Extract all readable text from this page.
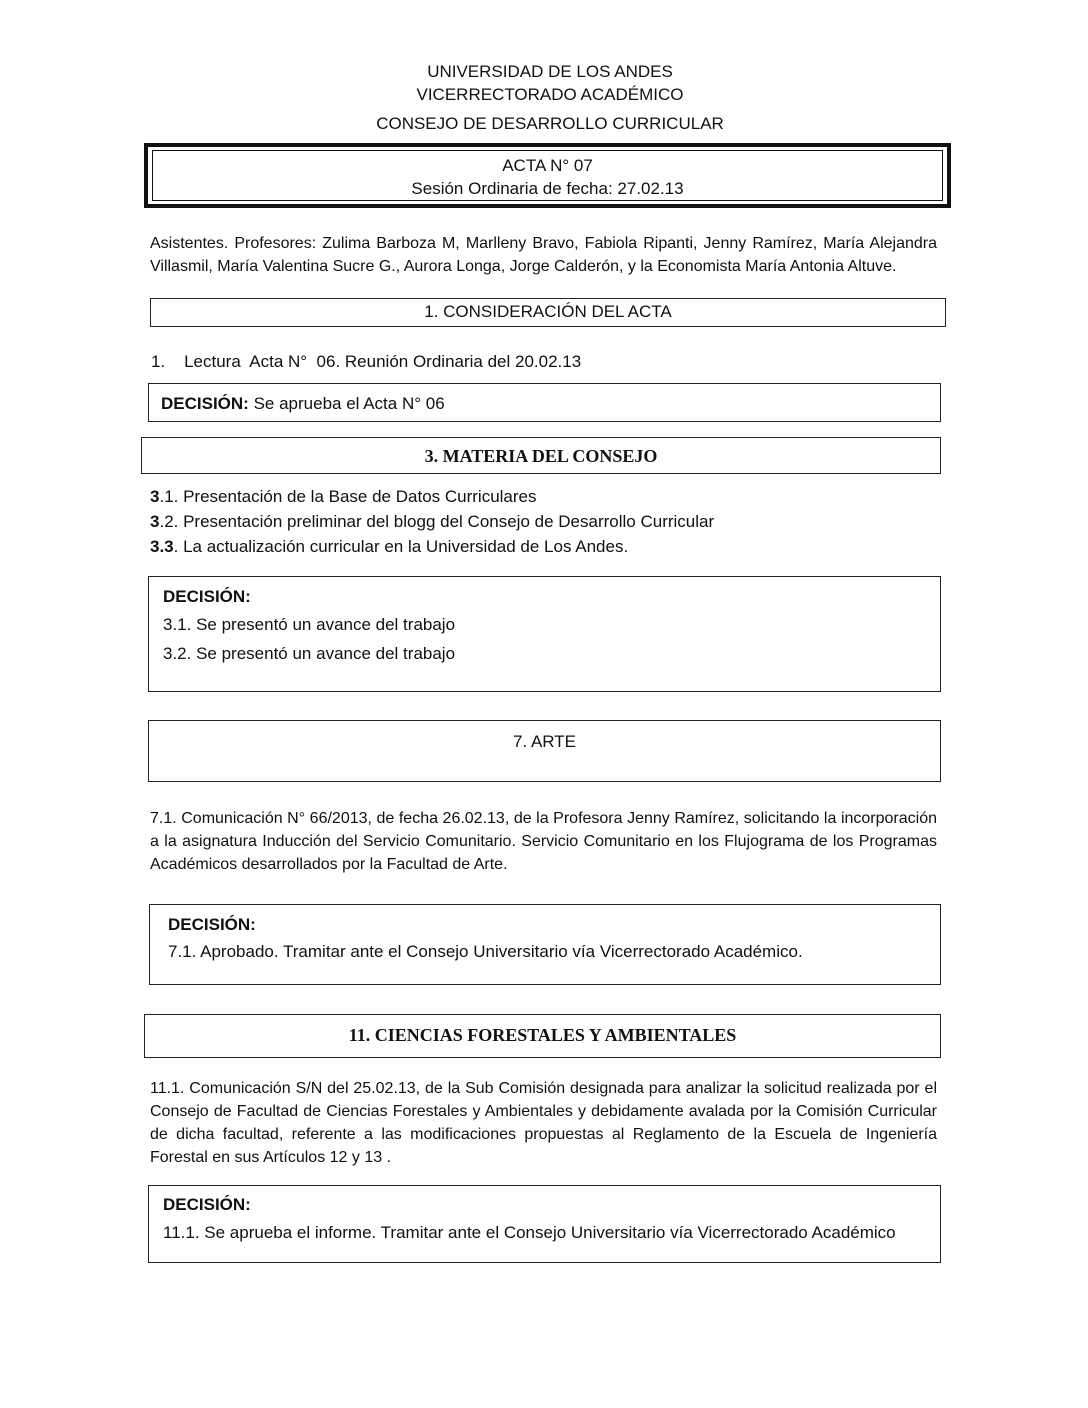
UNIVERSIDAD DE LOS ANDES
VICERRECTORADO ACADÉMICO
CONSEJO DE DESARROLLO CURRICULAR
ACTA N° 07
Sesión Ordinaria de fecha: 27.02.13
Asistentes. Profesores: Zulima Barboza M, Marlleny Bravo, Fabiola Ripanti, Jenny Ramírez, María Alejandra Villasmil, María Valentina Sucre G., Aurora Longa, Jorge Calderón, y la Economista María Antonia Altuve.
1. CONSIDERACIÓN DEL ACTA
1.    Lectura  Acta N°  06. Reunión Ordinaria del 20.02.13
DECISIÓN: Se aprueba el Acta N° 06
3. MATERIA DEL CONSEJO
3.1. Presentación de la Base de Datos Curriculares
3.2. Presentación preliminar del blogg del Consejo de Desarrollo Curricular
3.3. La actualización curricular en la Universidad de Los Andes.
DECISIÓN:
3.1. Se presentó un avance del trabajo
3.2. Se presentó un avance del trabajo
7. ARTE
7.1. Comunicación N° 66/2013, de fecha 26.02.13, de la Profesora Jenny Ramírez, solicitando la incorporación a la asignatura Inducción del Servicio Comunitario. Servicio Comunitario en los Flujograma de los Programas Académicos desarrollados por la Facultad de Arte.
DECISIÓN:
7.1. Aprobado. Tramitar ante el Consejo Universitario vía Vicerrectorado Académico.
11. CIENCIAS FORESTALES Y AMBIENTALES
11.1. Comunicación S/N del 25.02.13, de la Sub Comisión designada para analizar la solicitud realizada por el Consejo de Facultad de Ciencias Forestales y Ambientales y debidamente avalada por la Comisión Curricular de dicha facultad, referente a las modificaciones propuestas al Reglamento de la Escuela de Ingeniería Forestal en sus Artículos 12 y 13 .
DECISIÓN:
11.1. Se aprueba el informe. Tramitar ante el Consejo Universitario vía Vicerrectorado Académico
